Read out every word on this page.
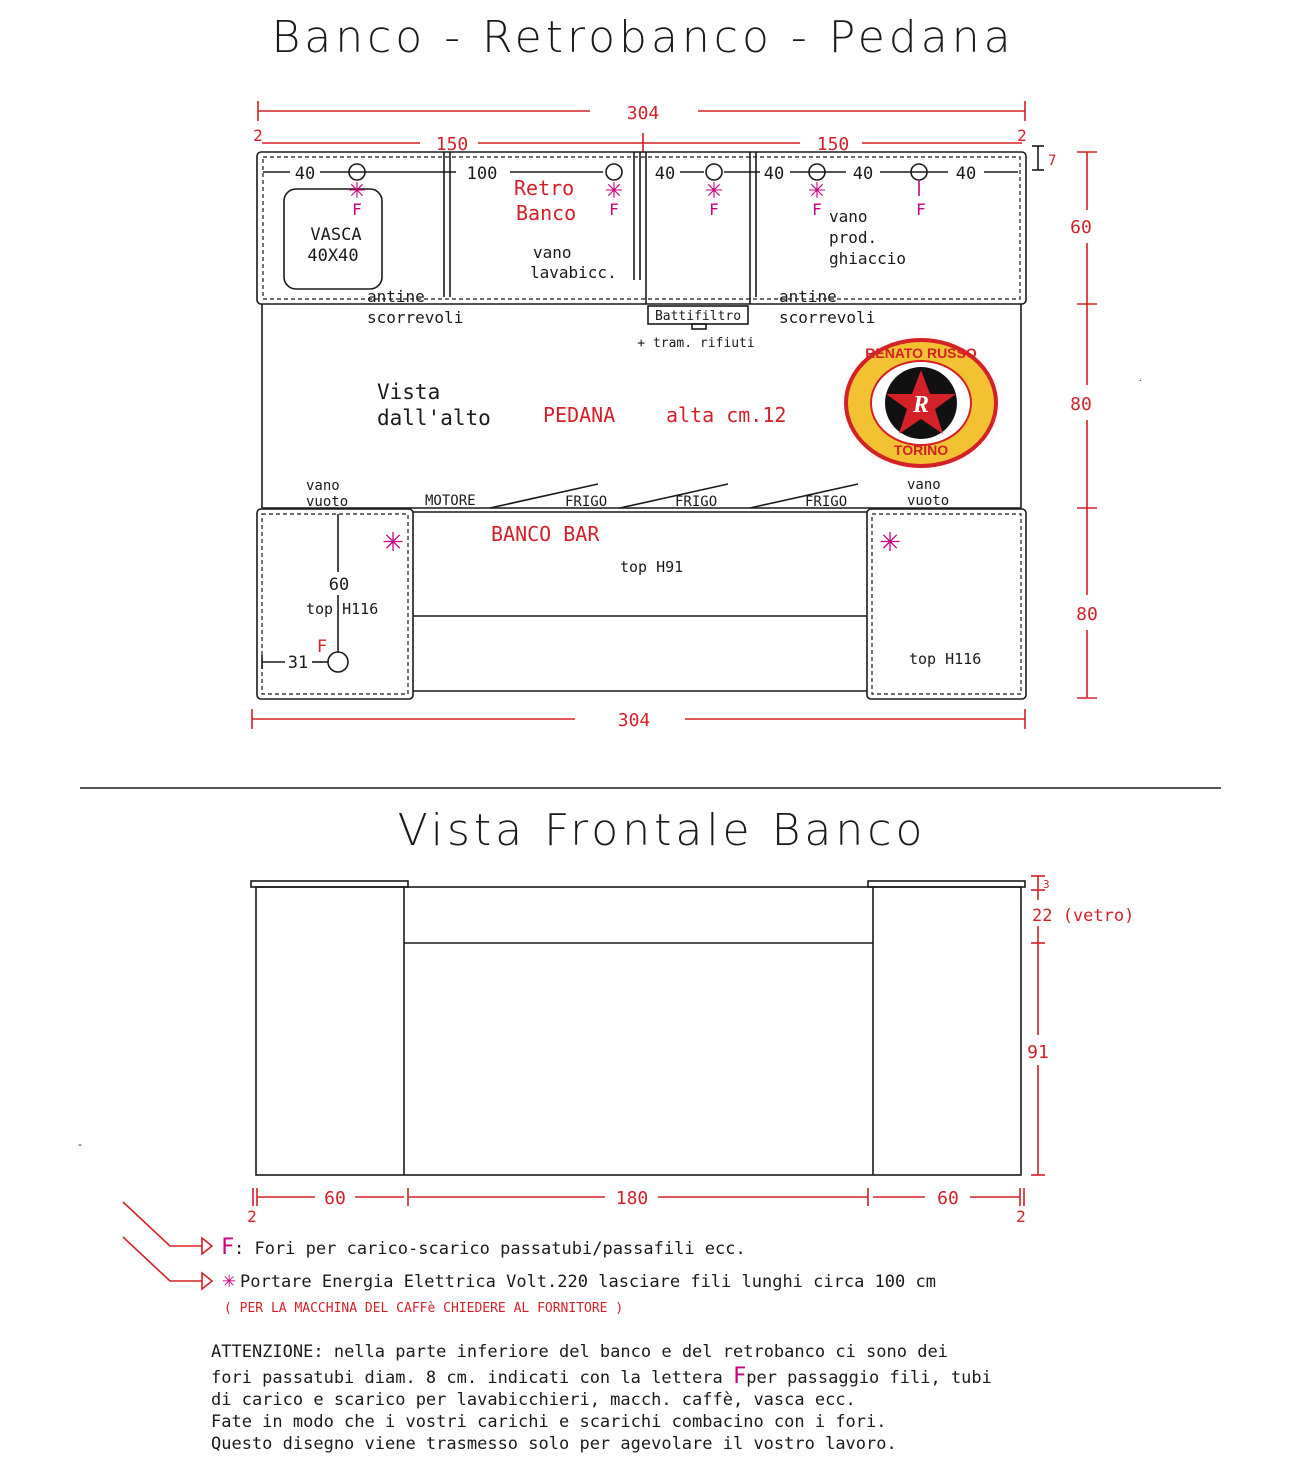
Banco - Retrobanco - Pedana
304
150	150
2	2
40	100	40	40	40	40
VASCA
40X40
Retro
Banco
vano
lavabicc.
vano
prod.
ghiaccio
antine
scorrevoli
antine
scorrevoli
Battifiltro
+ tram. rifiuti
✳
F
✳
F
✳
F
✳
F	F
7
60
80
80
Vista
dall'alto	PEDANA	alta cm.12
.
R
RENATO RUSSO
TORINO
MOTORE	FRIGO	FRIGO	FRIGO
vano
vuoto
vano
vuoto
BANCO BAR
top H91
top H116
top H116
60
31
F
✳	✳
304
Vista Frontale Banco
-
3
22 (vetro)
91
60	180	60
2	2
F : Fori per carico-scarico passatubi/passafili ecc.
✳ Portare Energia Elettrica Volt.220 lasciare fili lunghi circa 100 cm
( PER LA MACCHINA DEL CAFFè CHIEDERE AL FORNITORE )
ATTENZIONE: nella parte inferiore del banco e del retrobanco ci sono dei
fori passatubi diam. 8 cm. indicati con la lettera Fper passaggio fili, tubi
di carico e scarico per lavabicchieri, macch. caffè, vasca ecc.
Fate in modo che i vostri carichi e scarichi combacino con i fori.
Questo disegno viene trasmesso solo per agevolare il vostro lavoro.
